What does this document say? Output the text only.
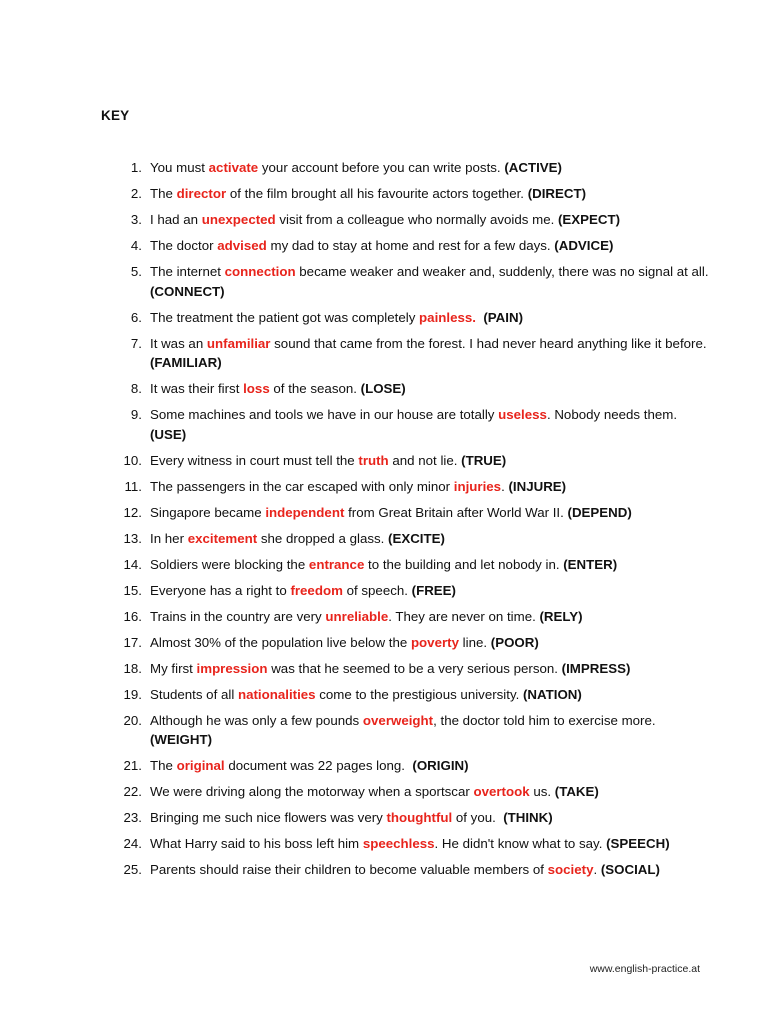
KEY
1. You must activate your account before you can write posts. (ACTIVE)
2. The director of the film brought all his favourite actors together. (DIRECT)
3. I had an unexpected visit from a colleague who normally avoids me. (EXPECT)
4. The doctor advised my dad to stay at home and rest for a few days. (ADVICE)
5. The internet connection became weaker and weaker and, suddenly, there was no signal at all. (CONNECT)
6. The treatment the patient got was completely painless. (PAIN)
7. It was an unfamiliar sound that came from the forest. I had never heard anything like it before. (FAMILIAR)
8. It was their first loss of the season. (LOSE)
9. Some machines and tools we have in our house are totally useless. Nobody needs them. (USE)
10. Every witness in court must tell the truth and not lie. (TRUE)
11. The passengers in the car escaped with only minor injuries. (INJURE)
12. Singapore became independent from Great Britain after World War II. (DEPEND)
13. In her excitement she dropped a glass. (EXCITE)
14. Soldiers were blocking the entrance to the building and let nobody in. (ENTER)
15. Everyone has a right to freedom of speech. (FREE)
16. Trains in the country are very unreliable. They are never on time. (RELY)
17. Almost 30% of the population live below the poverty line. (POOR)
18. My first impression was that he seemed to be a very serious person. (IMPRESS)
19. Students of all nationalities come to the prestigious university. (NATION)
20. Although he was only a few pounds overweight, the doctor told him to exercise more. (WEIGHT)
21. The original document was 22 pages long.  (ORIGIN)
22. We were driving along the motorway when a sportscar overtook us. (TAKE)
23. Bringing me such nice flowers was very thoughtful of you.  (THINK)
24. What Harry said to his boss left him speechless. He didn't know what to say. (SPEECH)
25. Parents should raise their children to become valuable members of society. (SOCIAL)
www.english-practice.at
